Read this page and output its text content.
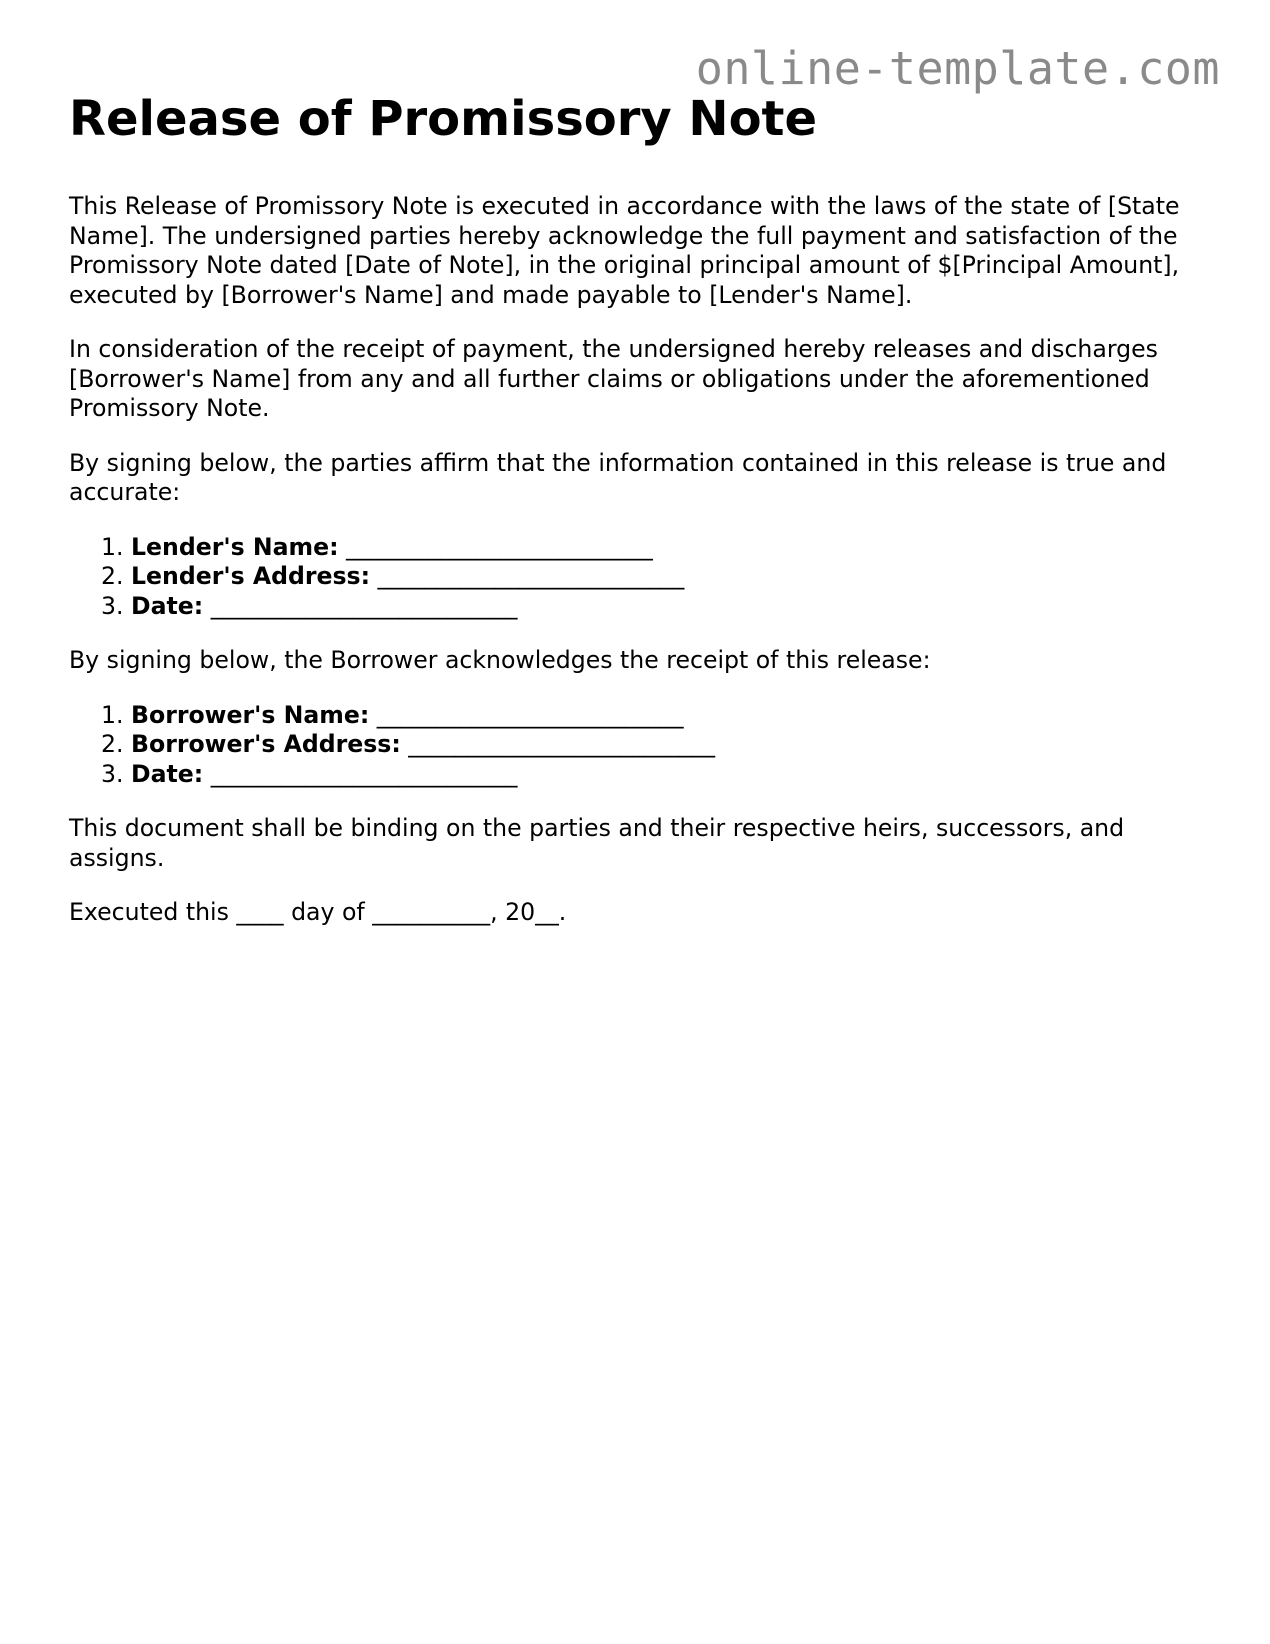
online-template.com
Release of Promissory Note

This Release of Promissory Note is executed in accordance with the laws of the state of [State Name]. The undersigned parties hereby acknowledge the full payment and satisfaction of the Promissory Note dated [Date of Note], in the original principal amount of $[Principal Amount], executed by [Borrower's Name] and made payable to [Lender's Name].

In consideration of the receipt of payment, the undersigned hereby releases and discharges [Borrower's Name] from any and all further claims or obligations under the aforementioned Promissory Note.

By signing below, the parties affirm that the information contained in this release is true and accurate:

1. Lender's Name: __________________________
2. Lender's Address: __________________________
3. Date: __________________________

By signing below, the Borrower acknowledges the receipt of this release:

1. Borrower's Name: __________________________
2. Borrower's Address: __________________________
3. Date: __________________________

This document shall be binding on the parties and their respective heirs, successors, and assigns.

Executed this ____ day of __________, 20__.
